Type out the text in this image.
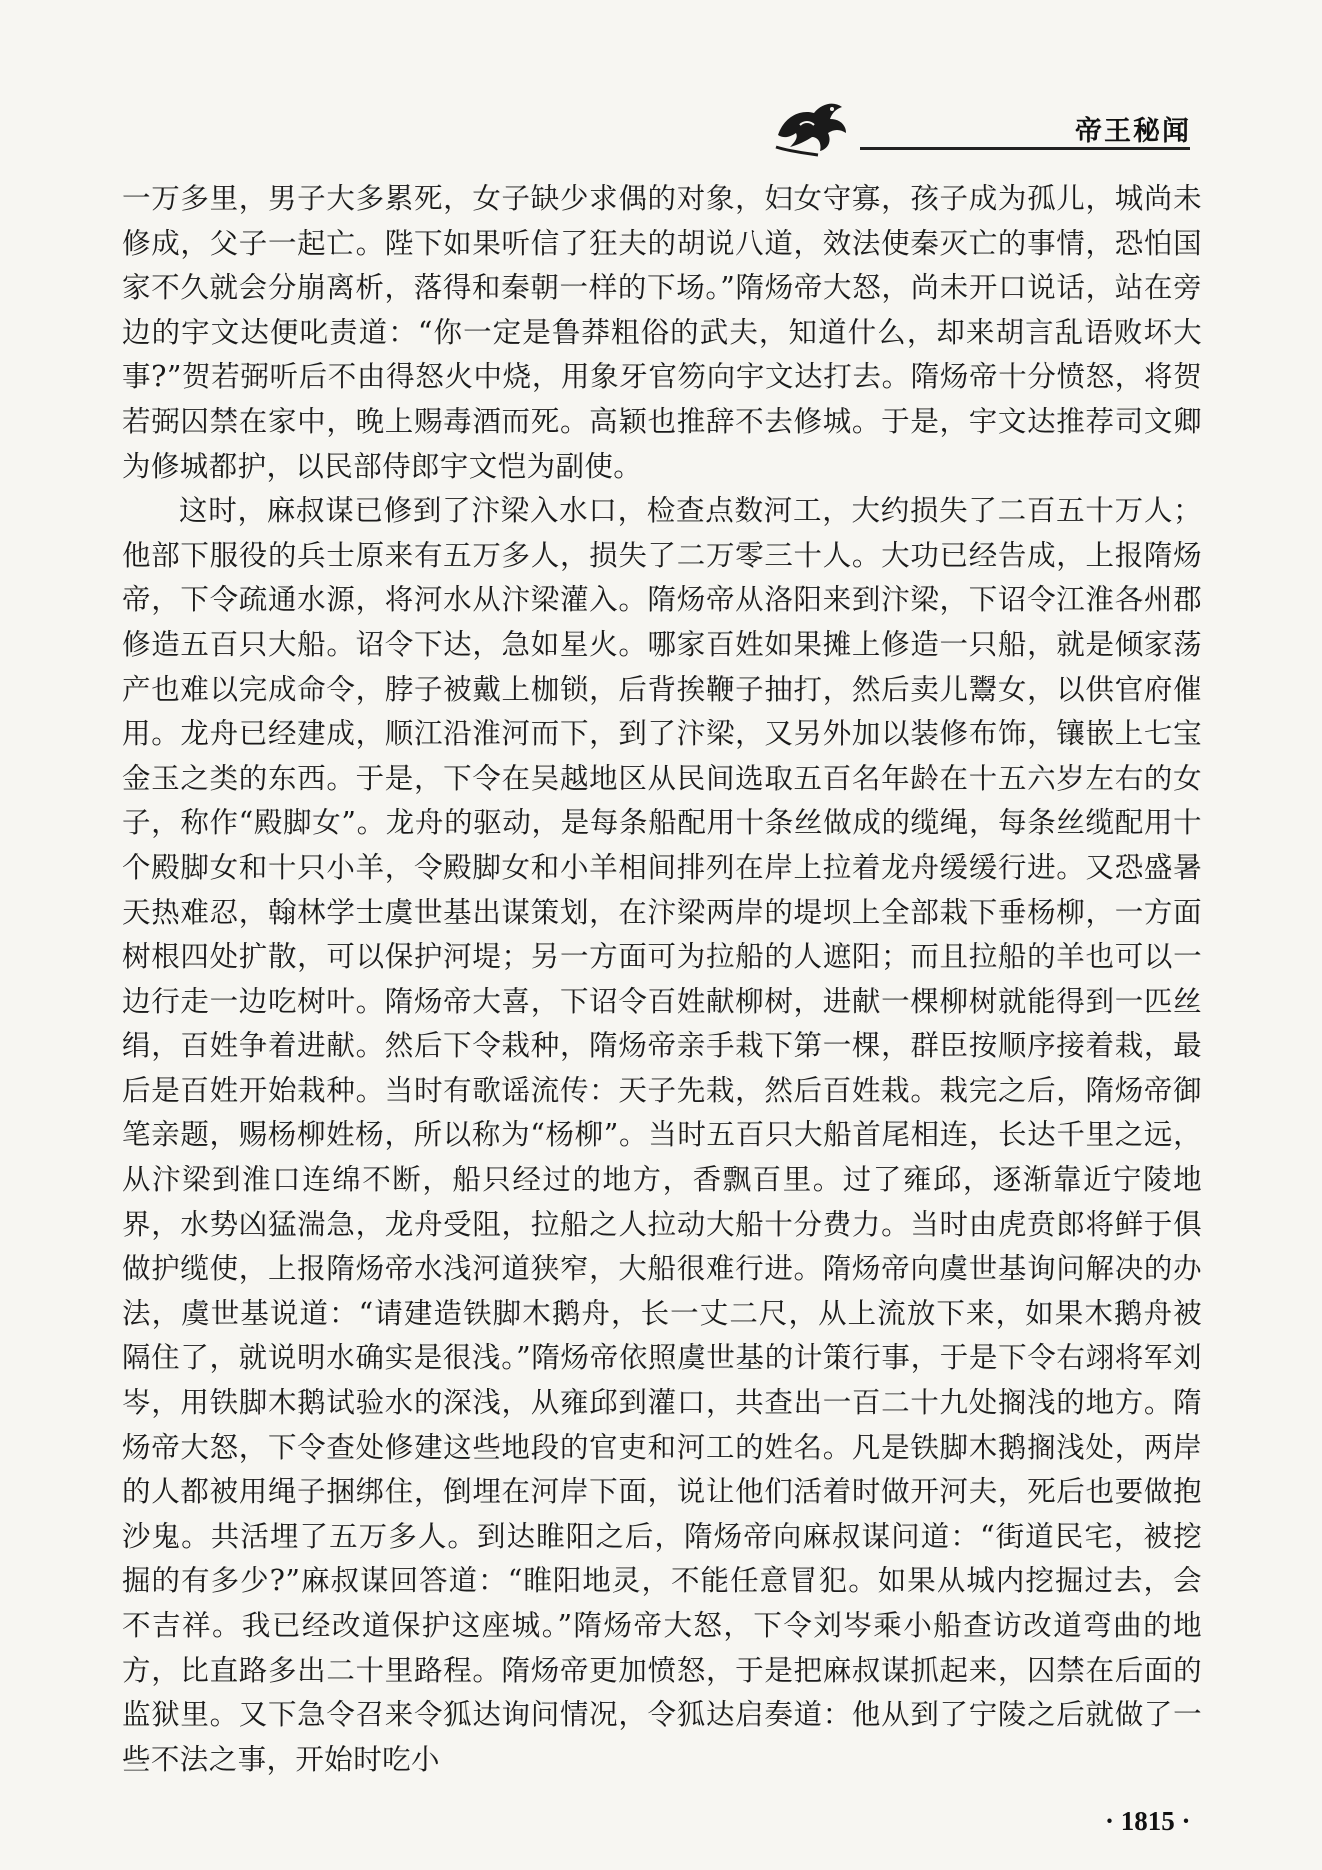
帝王秘闻

一万多里，男子大多累死，女子缺少求偶的对象，妇女守寡，孩子成为孤儿，城尚未修成，父子一起亡。陛下如果听信了狂夫的胡说八道，效法使秦灭亡的事情，恐怕国家不久就会分崩离析，落得和秦朝一样的下场。”隋炀帝大怒，尚未开口说话，站在旁边的宇文达便叱责道：“你一定是鲁莽粗俗的武夫，知道什么，却来胡言乱语败坏大事?”贺若弼听后不由得怒火中烧，用象牙官笏向宇文达打去。隋炀帝十分愤怒，将贺若弼囚禁在家中，晚上赐毒酒而死。高颖也推辞不去修城。于是，宇文达推荐司文卿为修城都护，以民部侍郎宇文恺为副使。

这时，麻叔谋已修到了汴梁入水口，检查点数河工，大约损失了二百五十万人；他部下服役的兵士原来有五万多人，损失了二万零三十人。大功已经告成，上报隋炀帝，下令疏通水源，将河水从汴梁灌入。隋炀帝从洛阳来到汴梁，下诏令江淮各州郡修造五百只大船。诏令下达，急如星火。哪家百姓如果摊上修造一只船，就是倾家荡产也难以完成命令，脖子被戴上枷锁，后背挨鞭子抽打，然后卖儿鬻女，以供官府催用。龙舟已经建成，顺江沿淮河而下，到了汴梁，又另外加以装修布饰，镶嵌上七宝金玉之类的东西。于是，下令在吴越地区从民间选取五百名年龄在十五六岁左右的女子，称作“殿脚女”。龙舟的驱动，是每条船配用十条丝做成的缆绳，每条丝缆配用十个殿脚女和十只小羊，令殿脚女和小羊相间排列在岸上拉着龙舟缓缓行进。又恐盛暑天热难忍，翰林学士虞世基出谋策划，在汴梁两岸的堤坝上全部栽下垂杨柳，一方面树根四处扩散，可以保护河堤；另一方面可为拉船的人遮阳；而且拉船的羊也可以一边行走一边吃树叶。隋炀帝大喜，下诏令百姓献柳树，进献一棵柳树就能得到一匹丝绢，百姓争着进献。然后下令栽种，隋炀帝亲手栽下第一棵，群臣按顺序接着栽，最后是百姓开始栽种。当时有歌谣流传：天子先栽，然后百姓栽。栽完之后，隋炀帝御笔亲题，赐杨柳姓杨，所以称为“杨柳”。当时五百只大船首尾相连，长达千里之远，从汴梁到淮口连绵不断，船只经过的地方，香飘百里。过了雍邱，逐渐靠近宁陵地界，水势凶猛湍急，龙舟受阻，拉船之人拉动大船十分费力。当时由虎贲郎将鲜于俱做护缆使，上报隋炀帝水浅河道狭窄，大船很难行进。隋炀帝向虞世基询问解决的办法，虞世基说道：“请建造铁脚木鹅舟，长一丈二尺，从上流放下来，如果木鹅舟被隔住了，就说明水确实是很浅。”隋炀帝依照虞世基的计策行事，于是下令右翊将军刘岑，用铁脚木鹅试验水的深浅，从雍邱到灌口，共查出一百二十九处搁浅的地方。隋炀帝大怒，下令查处修建这些地段的官吏和河工的姓名。凡是铁脚木鹅搁浅处，两岸的人都被用绳子捆绑住，倒埋在河岸下面，说让他们活着时做开河夫，死后也要做抱沙鬼。共活埋了五万多人。到达睢阳之后，隋炀帝向麻叔谋问道：“街道民宅，被挖掘的有多少?”麻叔谋回答道：“睢阳地灵，不能任意冒犯。如果从城内挖掘过去，会不吉祥。我已经改道保护这座城。”隋炀帝大怒，下令刘岑乘小船查访改道弯曲的地方，比直路多出二十里路程。隋炀帝更加愤怒，于是把麻叔谋抓起来，囚禁在后面的监狱里。又下急令召来令狐达询问情况，令狐达启奏道：他从到了宁陵之后就做了一些不法之事，开始时吃小

· 1815 ·
